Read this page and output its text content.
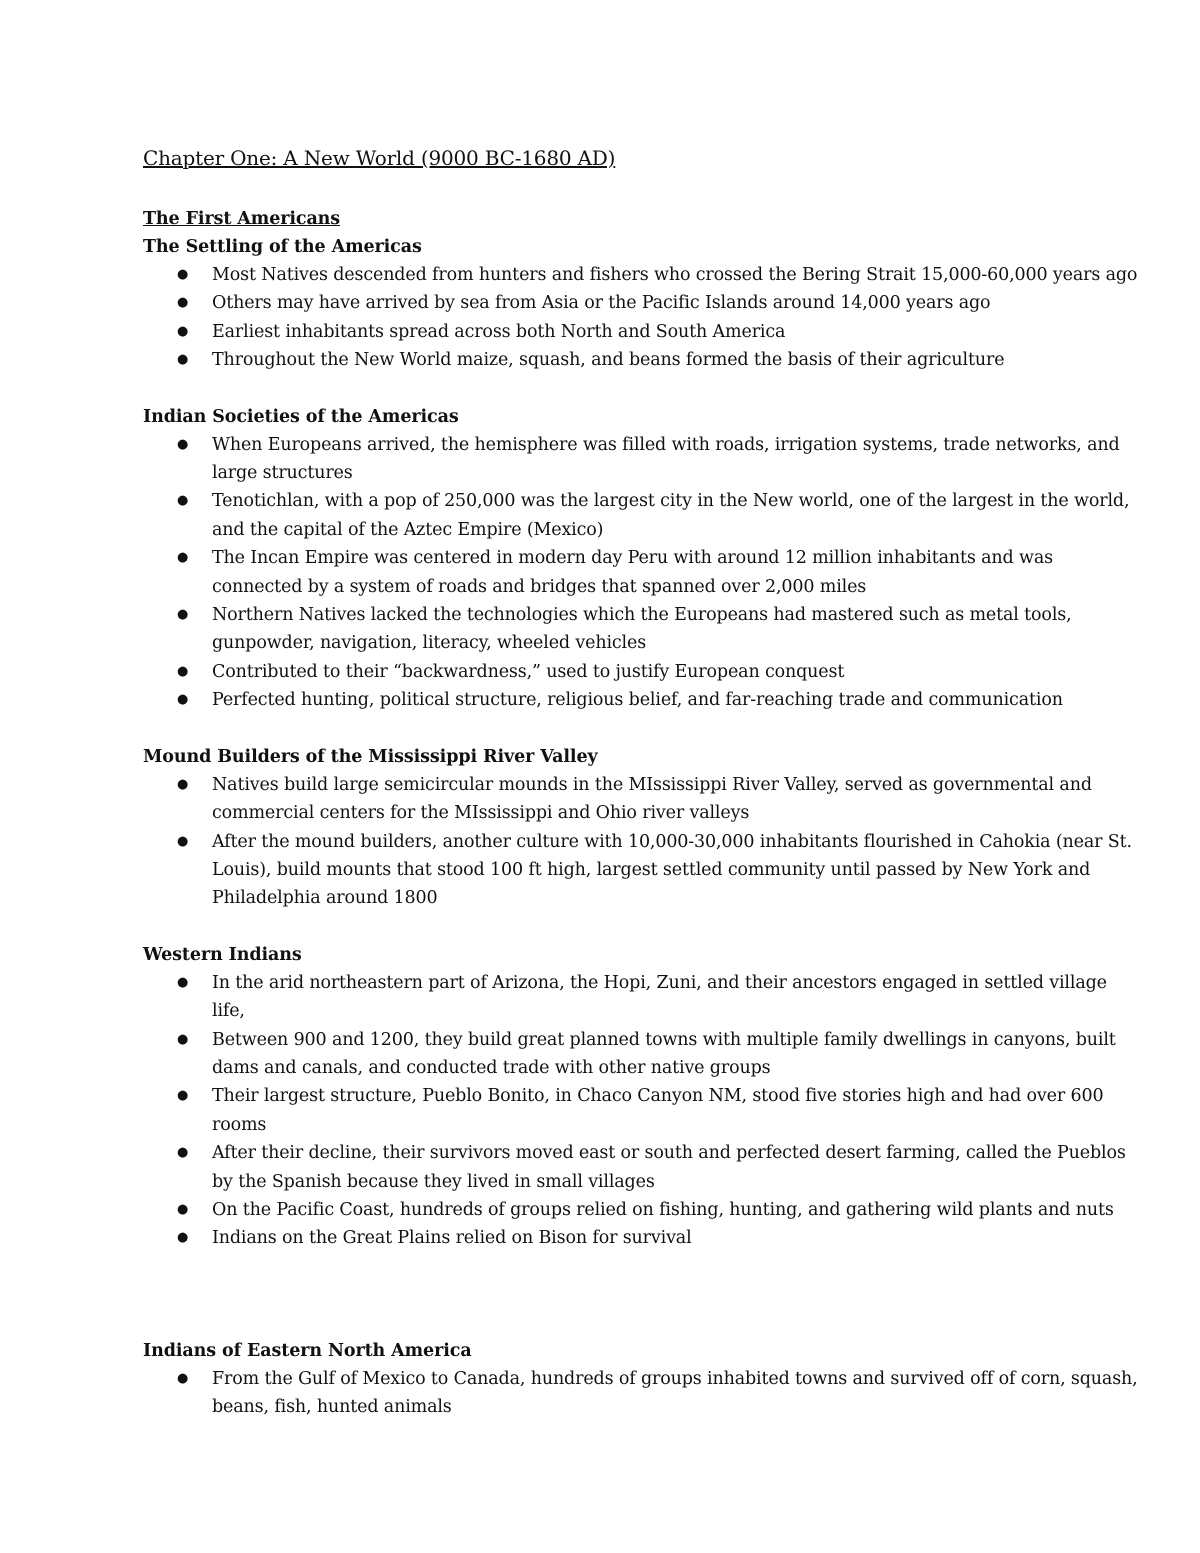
Chapter One: A New World (9000 BC-1680 AD)
The First Americans
The Settling of the Americas
● Most Natives descended from hunters and fishers who crossed the Bering Strait 15,000-60,000 years ago
● Others may have arrived by sea from Asia or the Pacific Islands around 14,000 years ago
● Earliest inhabitants spread across both North and South America
● Throughout the New World maize, squash, and beans formed the basis of their agriculture
Indian Societies of the Americas
● When Europeans arrived, the hemisphere was filled with roads, irrigation systems, trade networks, and large structures
● Tenotichlan, with a pop of 250,000 was the largest city in the New world, one of the largest in the world, and the capital of the Aztec Empire (Mexico)
● The Incan Empire was centered in modern day Peru with around 12 million inhabitants and was connected by a system of roads and bridges that spanned over 2,000 miles
● Northern Natives lacked the technologies which the Europeans had mastered such as metal tools, gunpowder, navigation, literacy, wheeled vehicles
● Contributed to their “backwardness,” used to justify European conquest
● Perfected hunting, political structure, religious belief, and far-reaching trade and communication
Mound Builders of the Mississippi River Valley
● Natives build large semicircular mounds in the MIssissippi River Valley, served as governmental and commercial centers for the MIssissippi and Ohio river valleys
● After the mound builders, another culture with 10,000-30,000 inhabitants flourished in Cahokia (near St. Louis), build mounts that stood 100 ft high, largest settled community until passed by New York and Philadelphia around 1800
Western Indians
● In the arid northeastern part of Arizona, the Hopi, Zuni, and their ancestors engaged in settled village life,
● Between 900 and 1200, they build great planned towns with multiple family dwellings in canyons, built dams and canals, and conducted trade with other native groups
● Their largest structure, Pueblo Bonito, in Chaco Canyon NM, stood five stories high and had over 600 rooms
● After their decline, their survivors moved east or south and perfected desert farming, called the Pueblos by the Spanish because they lived in small villages
● On the Pacific Coast, hundreds of groups relied on fishing, hunting, and gathering wild plants and nuts
● Indians on the Great Plains relied on Bison for survival
Indians of Eastern North America
● From the Gulf of Mexico to Canada, hundreds of groups inhabited towns and survived off of corn, squash, beans, fish, hunted animals
